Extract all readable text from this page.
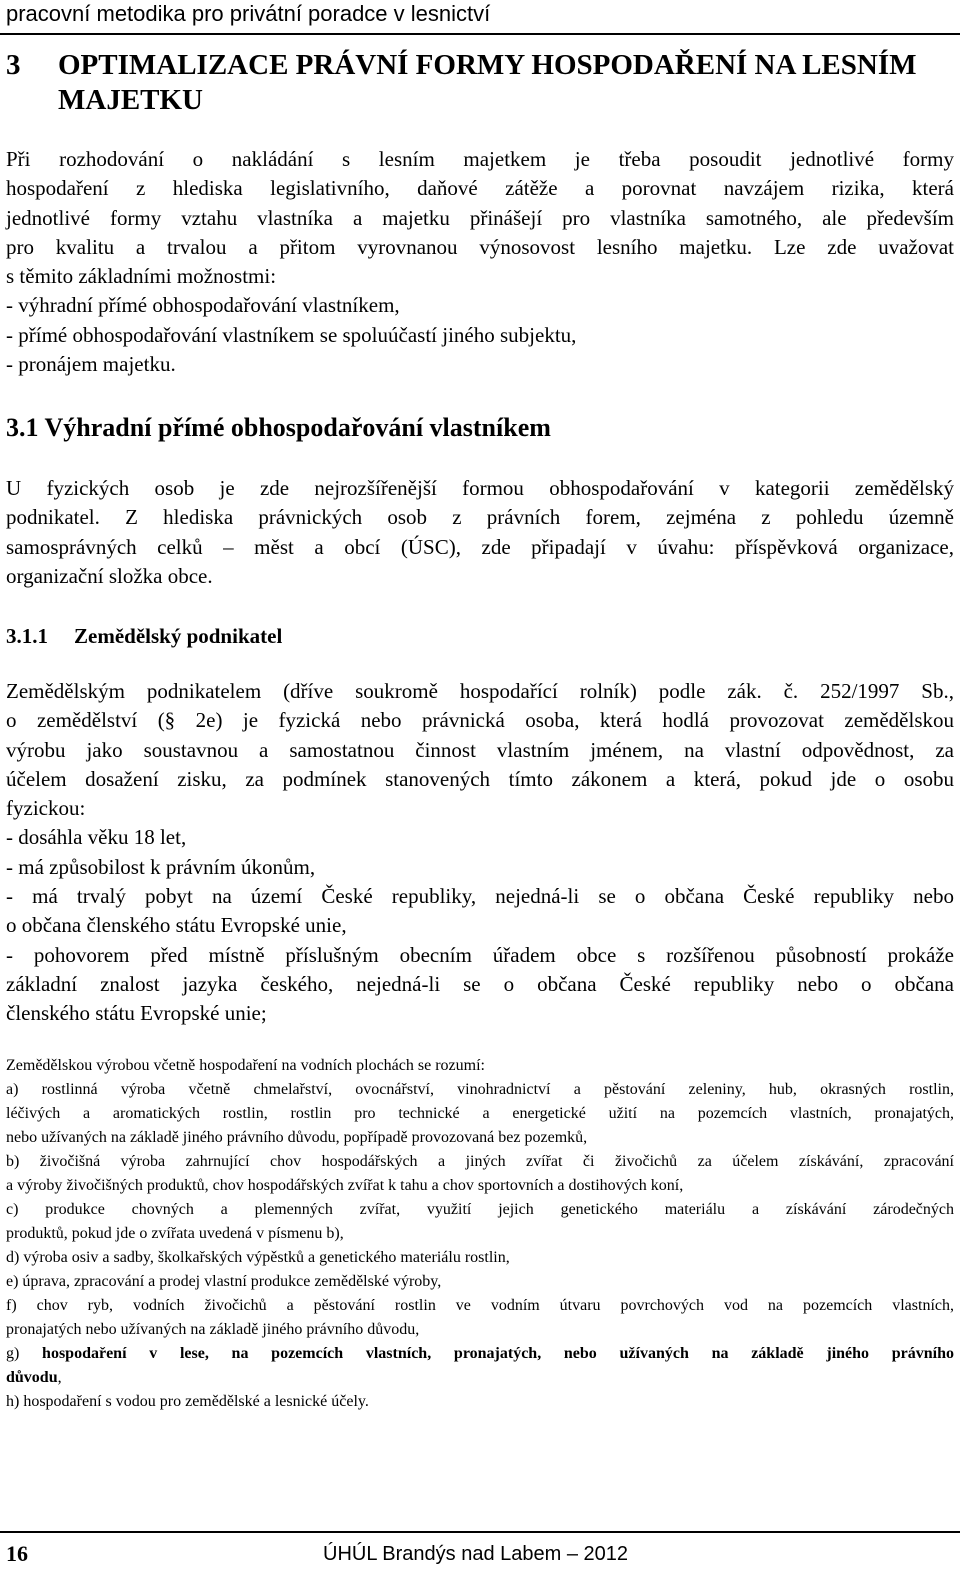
pracovní metodika pro privátní poradce v lesnictví
3	OPTIMALIZACE PRÁVNÍ FORMY HOSPODAŘENÍ NA LESNÍM
MAJETKU
Při rozhodování o nakládání s lesním majetkem je třeba posoudit jednotlivé formy
hospodaření z hlediska legislativního, daňové zátěže a porovnat navzájem rizika, která
jednotlivé formy vztahu vlastníka a majetku přinášejí pro vlastníka samotného, ale především
pro kvalitu a trvalou a přitom vyrovnanou výnosovost lesního majetku. Lze zde uvažovat
s těmito základními možnostmi:
- výhradní přímé obhospodařování vlastníkem,
- přímé obhospodařování vlastníkem se spoluúčastí jiného subjektu,
- pronájem majetku.
3.1 Výhradní přímé obhospodařování vlastníkem
U fyzických osob je zde nejrozšířenější formou obhospodařování v kategorii zemědělský
podnikatel. Z hlediska právnických osob z právních forem, zejména z pohledu územně
samosprávných celků – měst a obcí (ÚSC), zde připadají v úvahu: příspěvková organizace,
organizační složka obce.
3.1.1 Zemědělský podnikatel
Zemědělským podnikatelem (dříve soukromě hospodařící rolník) podle zák. č. 252/1997 Sb.,
o zemědělství (§ 2e) je fyzická nebo právnická osoba, která hodlá provozovat zemědělskou
výrobu jako soustavnou a samostatnou činnost vlastním jménem, na vlastní odpovědnost, za
účelem dosažení zisku, za podmínek stanovených tímto zákonem a která, pokud jde o osobu
fyzickou:
- dosáhla věku 18 let,
- má způsobilost k právním úkonům,
- má trvalý pobyt na území České republiky, nejedná-li se o občana České republiky nebo
o občana členského státu Evropské unie,
- pohovorem před místně příslušným obecním úřadem obce s rozšířenou působností prokáže
základní znalost jazyka českého, nejedná-li se o občana České republiky nebo o občana
členského státu Evropské unie;
Zemědělskou výrobou včetně hospodaření na vodních plochách se rozumí:
a) rostlinná výroba včetně chmelařství, ovocnářství, vinohradnictví a pěstování zeleniny, hub, okrasných rostlin,
léčivých a aromatických rostlin, rostlin pro technické a energetické užití na pozemcích vlastních, pronajatých,
nebo užívaných na základě jiného právního důvodu, popřípadě provozovaná bez pozemků,
b) živočišná výroba zahrnující chov hospodářských a jiných zvířat či živočichů za účelem získávání, zpracování
a výroby živočišných produktů, chov hospodářských zvířat k tahu a chov sportovních a dostihových koní,
c) produkce chovných a plemenných zvířat, využití jejich genetického materiálu a získávání zárodečných
produktů, pokud jde o zvířata uvedená v písmenu b),
d) výroba osiv a sadby, školkařských výpěstků a genetického materiálu rostlin,
e) úprava, zpracování a prodej vlastní produkce zemědělské výroby,
f) chov ryb, vodních živočichů a pěstování rostlin ve vodním útvaru povrchových vod na pozemcích vlastních,
pronajatých nebo užívaných na základě jiného právního důvodu,
g) hospodaření v lese, na pozemcích vlastních, pronajatých, nebo užívaných na základě jiného právního
důvodu,
h) hospodaření s vodou pro zemědělské a lesnické účely.
16	ÚHÚL Brandýs nad Labem – 2012
